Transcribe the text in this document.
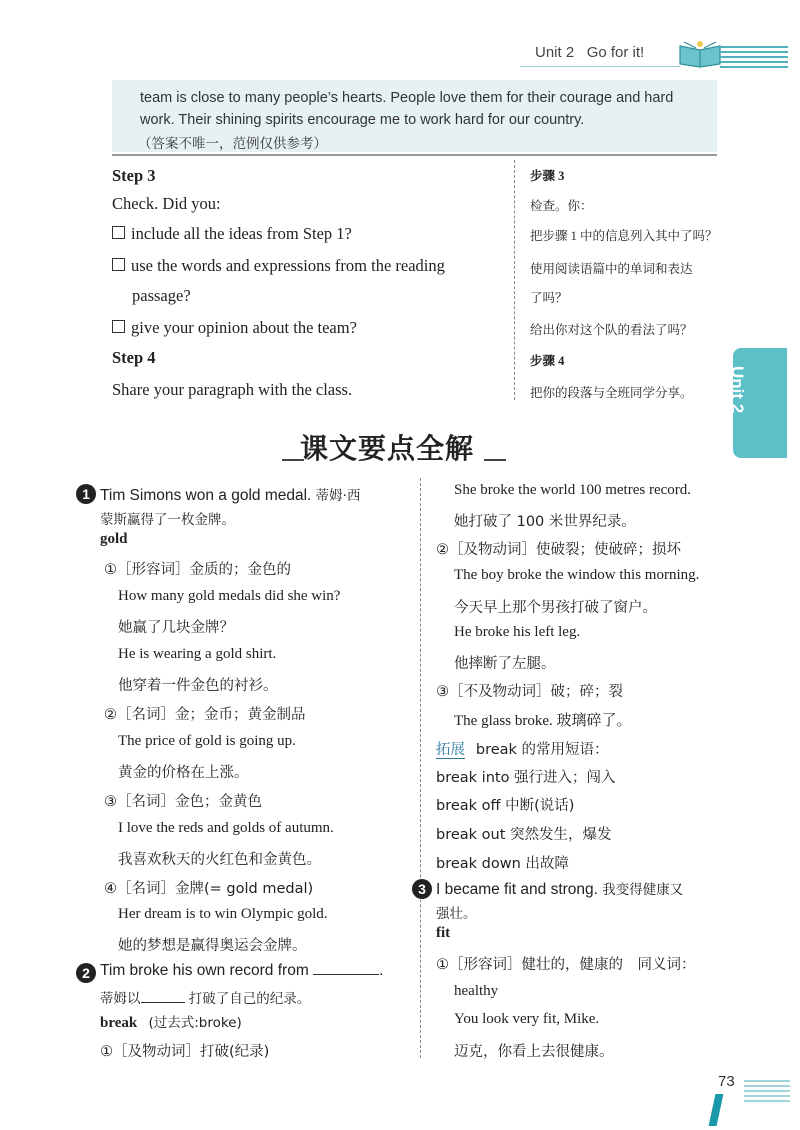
Unit 2 Go for it!
team is close to many people’s hearts. People love them for their courage and hard
work. Their shining spirits encourage me to work hard for our country.
（答案不唯一，范例仅供参考）
Step 3
Check. Did you:
include all the ideas from Step 1?
use the words and expressions from the reading
passage?
give your opinion about the team?
Step 4
Share your paragraph with the class.
步骤 3
检查。你：
把步骤 1 中的信息列入其中了吗？
使用阅读语篇中的单词和表达
了吗？
给出你对这个队的看法了吗？
步骤 4
把你的段落与全班同学分享。 Unit 2
课文要点全解
1 Tim Simons won a gold medal. 蒂姆·西
蒙斯赢得了一枚金牌。
gold
①［形容词］金质的；金色的
How many gold medals did she win?
她赢了几块金牌？
He is wearing a gold shirt.
他穿着一件金色的衬衫。
②［名词］金；金币；黄金制品
The price of gold is going up.
黄金的价格在上涨。
③［名词］金色；金黄色
I love the reds and golds of autumn.
我喜欢秋天的火红色和金黄色。
④［名词］金牌(= gold medal)
Her dream is to win Olympic gold.
她的梦想是赢得奥运会金牌。
2 Tim broke his own record from	.
蒂姆以	打破了自己的纪录。
break (过去式:broke)
①［及物动词］打破(纪录)
She broke the world 100 metres record.
她打破了 100 米世界纪录。
②［及物动词］使破裂；使破碎；损坏
The boy broke the window this morning.
今天早上那个男孩打破了窗户。
He broke his left leg.
他摔断了左腿。
③［不及物动词］破；碎；裂
The glass broke. 玻璃碎了。
拓展 break 的常用短语：
break into 强行进入；闯入
break off 中断(说话)
break out 突然发生，爆发
break down 出故障
3 I became fit and strong. 我变得健康又
强壮。
fit
①［形容词］健壮的，健康的　同义词：
healthy
You look very fit, Mike.
迈克，你看上去很健康。
73
